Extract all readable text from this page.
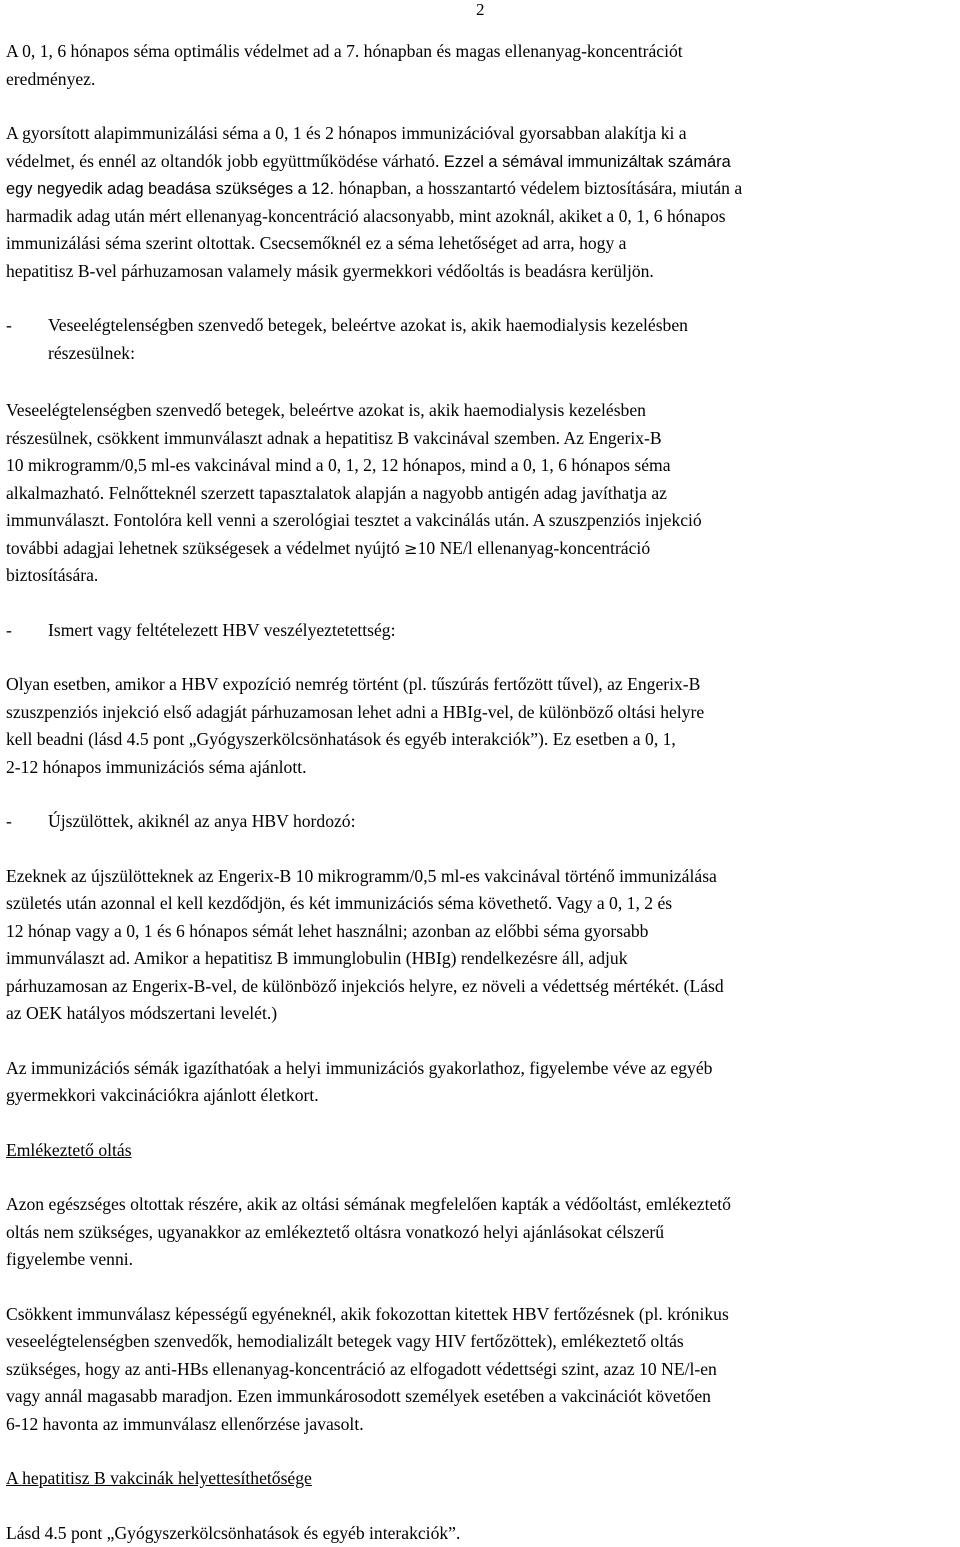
2
A 0, 1, 6 hónapos séma optimális védelmet ad a 7. hónapban és magas ellenanyag-koncentrációt
eredményez.
A gyorsított alapimmunizálási séma a 0, 1 és 2 hónapos immunizációval gyorsabban alakítja ki a
védelmet, és ennél az oltandók jobb együttműködése várható. Ezzel a sémával immunizáltak számára
egy negyedik adag beadása szükséges a 12. hónapban, a hosszantartó védelem biztosítására, miután a
harmadik adag után mért ellenanyag-koncentráció alacsonyabb, mint azoknál, akiket a 0, 1, 6 hónapos
immunizálási séma szerint oltottak. Csecsemőknél ez a séma lehetőséget ad arra, hogy a
hepatitisz B-vel párhuzamosan valamely másik gyermekkori védőoltás is beadásra kerüljön.
-	Veseelégtelenségben szenvedő betegek, beleértve azokat is, akik haemodialysis kezelésben
részesülnek:
Veseelégtelenségben szenvedő betegek, beleértve azokat is, akik haemodialysis kezelésben
részesülnek, csökkent immunválaszt adnak a hepatitisz B vakcinával szemben. Az Engerix-B
10 mikrogramm/0,5 ml-es vakcinával mind a 0, 1, 2, 12 hónapos, mind a 0, 1, 6 hónapos séma
alkalmazható. Felnőtteknél szerzett tapasztalatok alapján a nagyobb antigén adag javíthatja az
immunválaszt. Fontolóra kell venni a szerológiai tesztet a vakcinálás után. A szuszpenziós injekció
további adagjai lehetnek szükségesek a védelmet nyújtó ≥10 NE/l ellenanyag-koncentráció
biztosítására.
-	Ismert vagy feltételezett HBV veszélyeztetettség:
Olyan esetben, amikor a HBV expozíció nemrég történt (pl. tűszúrás fertőzött tűvel), az Engerix-B
szuszpenziós injekció első adagját párhuzamosan lehet adni a HBIg-vel, de különböző oltási helyre
kell beadni (lásd 4.5 pont „Gyógyszerkölcsönhatások és egyéb interakciók”). Ez esetben a 0, 1,
2-12 hónapos immunizációs séma ajánlott.
-	Újszülöttek, akiknél az anya HBV hordozó:
Ezeknek az újszülötteknek az Engerix-B 10 mikrogramm/0,5 ml-es vakcinával történő immunizálása
születés után azonnal el kell kezdődjön, és két immunizációs séma követhető. Vagy a 0, 1, 2 és
12 hónap vagy a 0, 1 és 6 hónapos sémát lehet használni; azonban az előbbi séma gyorsabb
immunválaszt ad. Amikor a hepatitisz B immunglobulin (HBIg) rendelkezésre áll, adjuk
párhuzamosan az Engerix-B-vel, de különböző injekciós helyre, ez növeli a védettség mértékét. (Lásd
az OEK hatályos módszertani levelét.)
Az immunizációs sémák igazíthatóak a helyi immunizációs gyakorlathoz, figyelembe véve az egyéb
gyermekkori vakcinációkra ajánlott életkort.
Emlékeztető oltás
Azon egészséges oltottak részére, akik az oltási sémának megfelelően kapták a védőoltást, emlékeztető
oltás nem szükséges, ugyanakkor az emlékeztető oltásra vonatkozó helyi ajánlásokat célszerű
figyelembe venni.
Csökkent immunválasz képességű egyéneknél, akik fokozottan kitettek HBV fertőzésnek (pl. krónikus
veseelégtelenségben szenvedők, hemodializált betegek vagy HIV fertőzöttek), emlékeztető oltás
szükséges, hogy az anti-HBs ellenanyag-koncentráció az elfogadott védettségi szint, azaz 10 NE/l-en
vagy annál magasabb maradjon. Ezen immunkárosodott személyek esetében a vakcinációt követően
6-12 havonta az immunválasz ellenőrzése javasolt.
A hepatitisz B vakcinák helyettesíthetősége
Lásd 4.5 pont „Gyógyszerkölcsönhatások és egyéb interakciók”.
